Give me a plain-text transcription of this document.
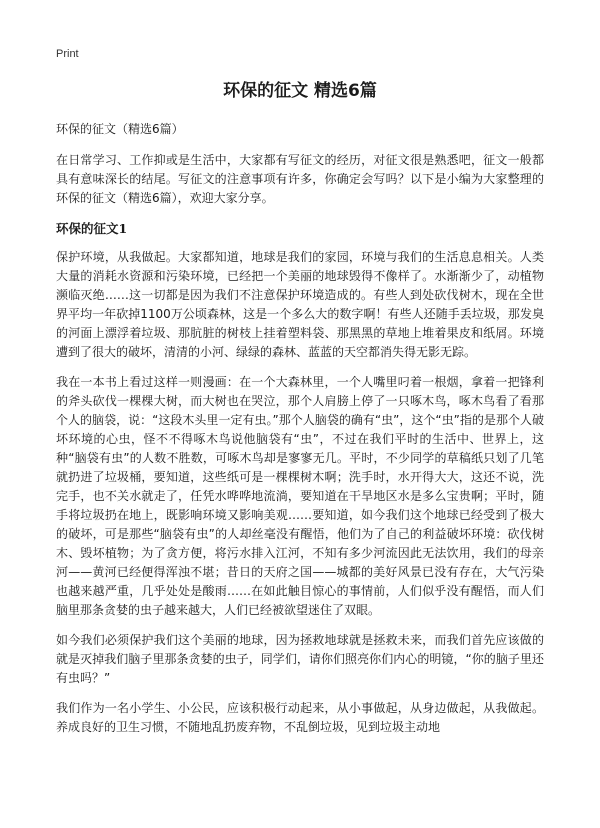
Print
环保的征文 精选6篇

环保的征文（精选6篇）

在日常学习、工作抑或是生活中，大家都有写征文的经历，对征文很是熟悉吧，征文一般都具有意味深长的结尾。写征文的注意事项有许多，你确定会写吗？以下是小编为大家整理的环保的征文（精选6篇），欢迎大家分享。

环保的征文1

保护环境，从我做起。大家都知道，地球是我们的家园，环境与我们的生活息息相关。人类大量的消耗水资源和污染环境，已经把一个美丽的地球毁得不像样了。水渐渐少了，动植物濒临灭绝……这一切都是因为我们不注意保护环境造成的。有些人到处砍伐树木，现在全世界平均一年砍掉1100万公顷森林，这是一个多么大的数字啊！有些人还随手丢垃圾，那发臭的河面上漂浮着垃圾、那肮脏的树枝上挂着塑料袋、那黑黑的草地上堆着果皮和纸屑。环境遭到了很大的破坏，清清的小河、绿绿的森林、蓝蓝的天空都消失得无影无踪。

我在一本书上看过这样一则漫画：在一个大森林里，一个人嘴里叼着一根烟，拿着一把锋利的斧头砍伐一棵棵大树，而大树也在哭泣，那个人肩膀上停了一只啄木鸟，啄木鸟看了看那个人的脑袋，说：“这段木头里一定有虫。”那个人脑袋的确有“虫”，这个“虫”指的是那个人破坏环境的心虫，怪不不得啄木鸟说他脑袋有“虫”，不过在我们平时的生活中、世界上，这种“脑袋有虫”的人数不胜数，可啄木鸟却是寥寥无几。平时，不少同学的草稿纸只划了几笔就扔进了垃圾桶，要知道，这些纸可是一棵棵树木啊；洗手时，水开得大大，这还不说，洗完手，也不关水就走了，任凭水哗哗地流淌，要知道在干旱地区水是多么宝贵啊；平时，随手将垃圾扔在地上，既影响环境又影响美观……要知道，如今我们这个地球已经受到了极大的破坏，可是那些“脑袋有虫”的人却丝毫没有醒悟，他们为了自己的利益破坏环境：砍伐树木、毁坏植物；为了贪方便，将污水排入江河，不知有多少河流因此无法饮用，我们的母亲河——黄河已经便得浑浊不堪；昔日的天府之国——城都的美好风景已没有存在，大气污染也越来越严重，几乎处处是酸雨……在如此触目惊心的事情前，人们似乎没有醒悟，而人们脑里那条贪婪的虫子越来越大，人们已经被欲望迷住了双眼。

如今我们必须保护我们这个美丽的地球，因为拯救地球就是拯救未来，而我们首先应该做的就是灭掉我们脑子里那条贪婪的虫子，同学们，请你们照亮你们内心的明镜，“你的脑子里还有虫吗？”

我们作为一名小学生、小公民，应该积极行动起来，从小事做起，从身边做起，从我做起。养成良好的卫生习惯，不随地乱扔废弃物，不乱倒垃圾，见到垃圾主动地
